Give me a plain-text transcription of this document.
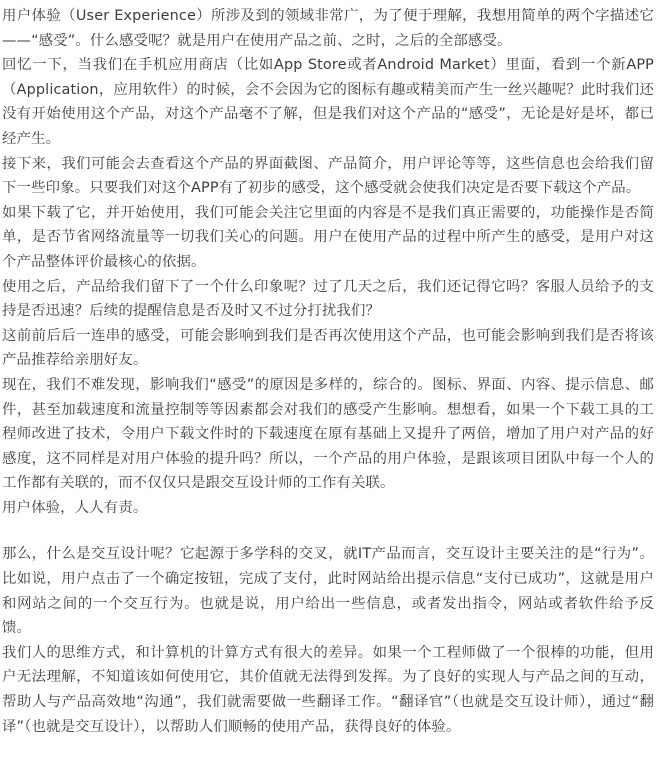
用户体验（User Experience）所涉及到的领域非常广，为了便于理解，我想用简单的两个字描述它——“感受”。什么感受呢？就是用户在使用产品之前、之时，之后的全部感受。

回忆一下，当我们在手机应用商店（比如App Store或者Android Market）里面，看到一个新APP（Application，应用软件）的时候，会不会因为它的图标有趣或精美而产生一丝兴趣呢？此时我们还没有开始使用这个产品，对这个产品毫不了解，但是我们对这个产品的“感受”，无论是好是坏，都已经产生。

接下来，我们可能会去查看这个产品的界面截图、产品简介，用户评论等等，这些信息也会给我们留下一些印象。只要我们对这个APP有了初步的感受，这个感受就会使我们决定是否要下载这个产品。

如果下载了它，并开始使用，我们可能会关注它里面的内容是不是我们真正需要的，功能操作是否简单，是否节省网络流量等一切我们关心的问题。用户在使用产品的过程中所产生的感受，是用户对这个产品整体评价最核心的依据。

使用之后，产品给我们留下了一个什么印象呢？过了几天之后，我们还记得它吗？客服人员给予的支持是否迅速？后续的提醒信息是否及时又不过分打扰我们？

这前前后后一连串的感受，可能会影响到我们是否再次使用这个产品，也可能会影响到我们是否将该产品推荐给亲朋好友。

现在，我们不难发现，影响我们“感受”的原因是多样的，综合的。图标、界面、内容、提示信息、邮件，甚至加载速度和流量控制等等因素都会对我们的感受产生影响。想想看，如果一个下载工具的工程师改进了技术，令用户下载文件时的下载速度在原有基础上又提升了两倍，增加了用户对产品的好感度，这不同样是对用户体验的提升吗？所以，一个产品的用户体验，是跟该项目团队中每一个人的工作都有关联的，而不仅仅只是跟交互设计师的工作有关联。

用户体验，人人有责。

那么，什么是交互设计呢？它起源于多学科的交叉，就IT产品而言，交互设计主要关注的是“行为”。比如说，用户点击了一个确定按钮，完成了支付，此时网站给出提示信息“支付已成功”，这就是用户和网站之间的一个交互行为。也就是说，用户给出一些信息，或者发出指令，网站或者软件给予反馈。

我们人的思维方式，和计算机的计算方式有很大的差异。如果一个工程师做了一个很棒的功能，但用户无法理解，不知道该如何使用它，其价值就无法得到发挥。为了良好的实现人与产品之间的互动，帮助人与产品高效地“沟通”，我们就需要做一些翻译工作。“翻译官”（也就是交互设计师），通过“翻译”（也就是交互设计），以帮助人们顺畅的使用产品，获得良好的体验。
